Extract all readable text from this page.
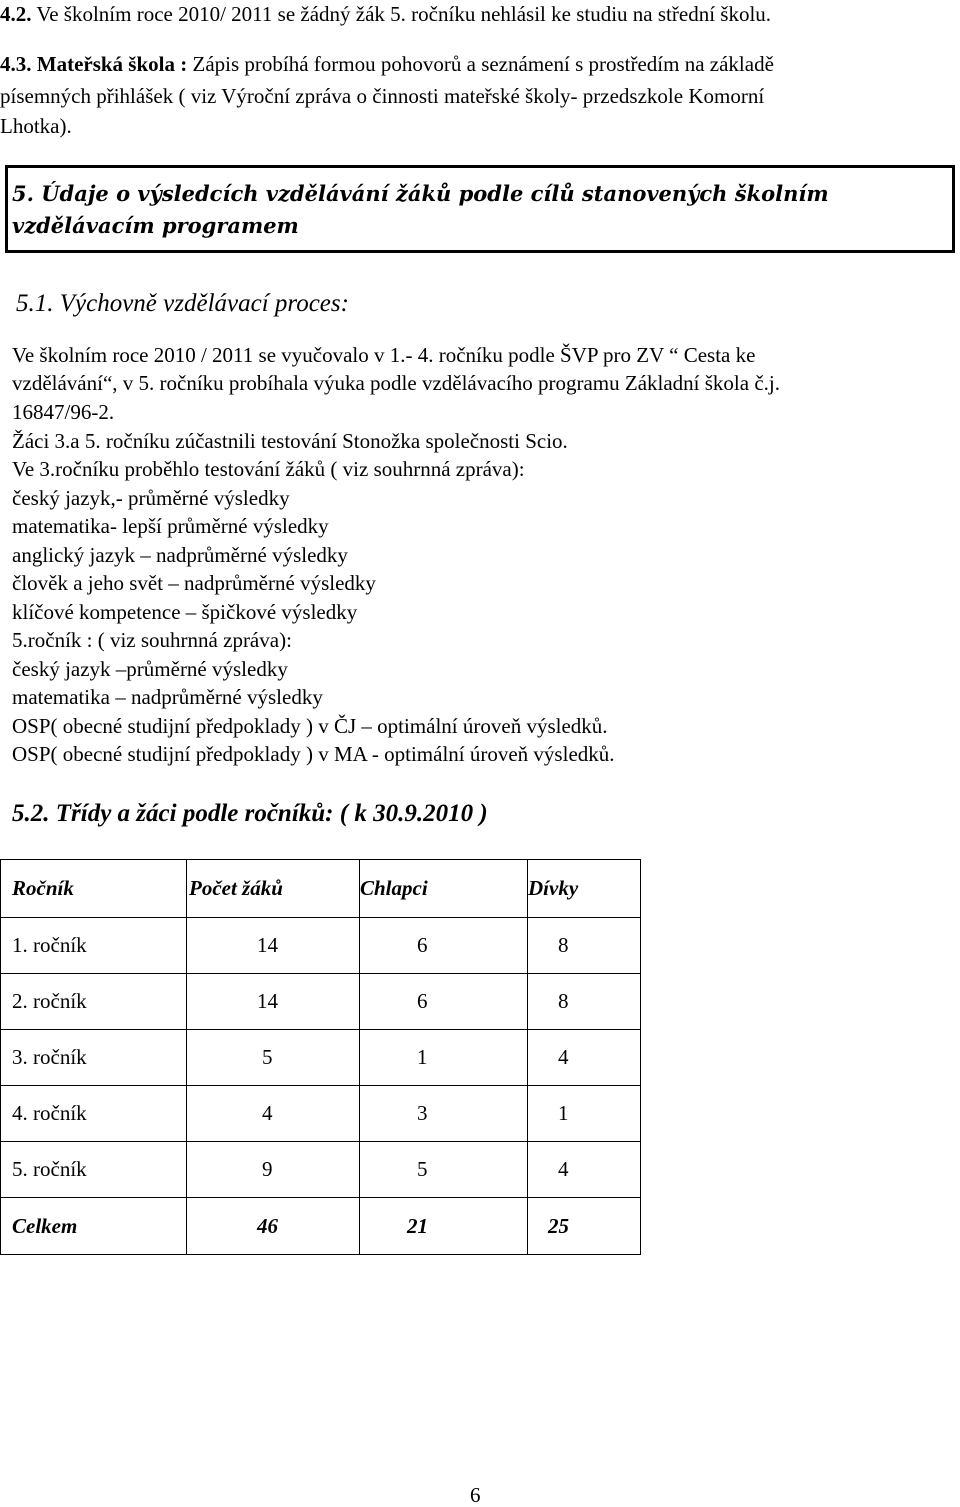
4.2. Ve školním roce 2010/ 2011 se žádný žák 5. ročníku nehlásil ke studiu na střední školu.
4.3. Mateřská škola : Zápis probíhá formou pohovorů a seznámení s prostředím na základě
písemných přihlášek ( viz Výroční zpráva o činnosti mateřské školy- przedszkole Komorní
Lhotka).
5. Údaje o výsledcích vzdělávání žáků podle cílů stanovených školním
vzdělávacím programem
5.1. Výchovně vzdělávací proces:
Ve školním roce 2010 / 2011 se vyučovalo v 1.- 4. ročníku podle ŠVP pro ZV “ Cesta ke
vzdělávání“, v 5. ročníku probíhala výuka podle vzdělávacího programu Základní škola č.j.
16847/96-2.
Žáci 3.a 5. ročníku zúčastnili testování Stonožka společnosti Scio.
Ve 3.ročníku proběhlo testování žáků ( viz souhrnná zpráva):
český jazyk,- průměrné výsledky
matematika- lepší průměrné výsledky
anglický jazyk – nadprůměrné výsledky
člověk a jeho svět – nadprůměrné výsledky
klíčové kompetence – špičkové výsledky
5.ročník : ( viz souhrnná zpráva):
český jazyk –průměrné výsledky
matematika – nadprůměrné výsledky
OSP( obecné studijní předpoklady ) v ČJ – optimální úroveň výsledků.
OSP( obecné studijní předpoklady ) v MA - optimální úroveň výsledků.
5.2. Třídy a žáci podle ročníků: ( k 30.9.2010 )
Ročník	Počet žáků	Chlapci	Dívky
1. ročník	14	6	8
2. ročník	14	6	8
3. ročník	5	1	4
4. ročník	4	3	1
5. ročník	9	5	4
Celkem	46	21	25
6
